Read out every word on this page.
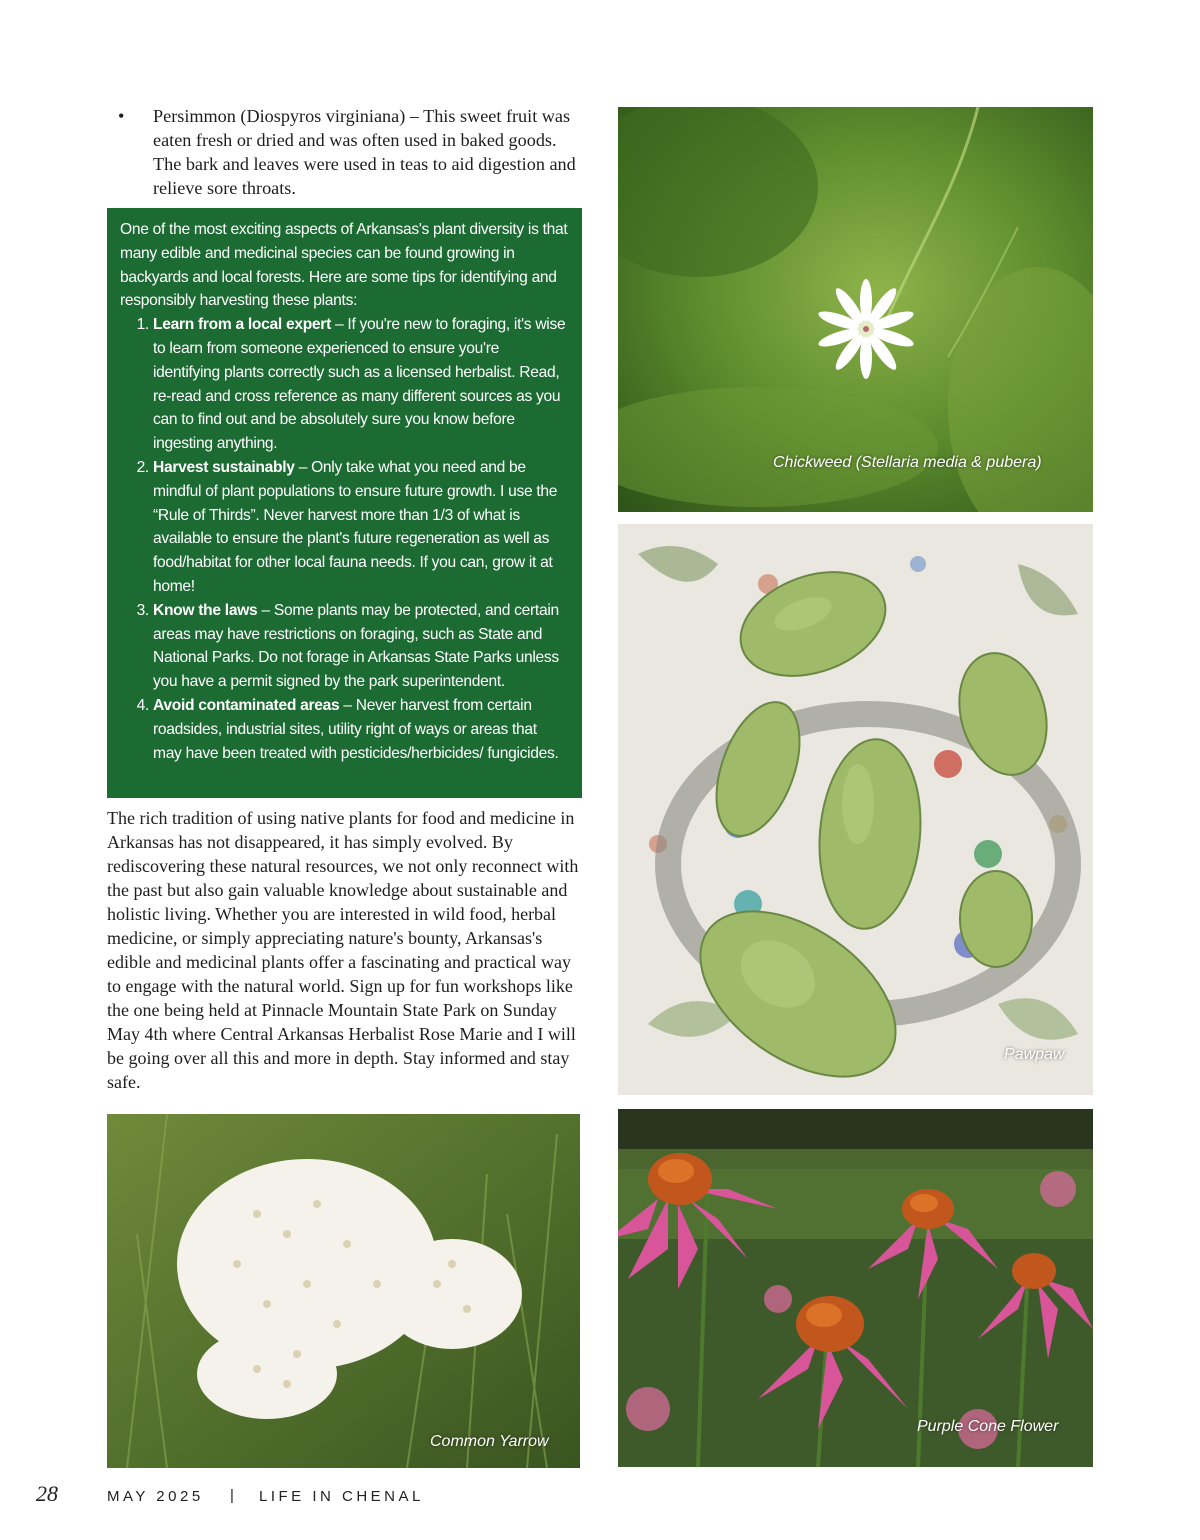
• Persimmon (Diospyros virginiana) – This sweet fruit was eaten fresh or dried and was often used in baked goods. The bark and leaves were used in teas to aid digestion and relieve sore throats.

One of the most exciting aspects of Arkansas's plant diversity is that many edible and medicinal species can be found growing in backyards and local forests. Here are some tips for identifying and responsibly harvesting these plants:

1. Learn from a local expert – If you're new to foraging, it's wise to learn from someone experienced to ensure you're identifying plants correctly such as a licensed herbalist. Read, re-read and cross reference as many different sources as you can to find out and be absolutely sure you know before ingesting anything.
2. Harvest sustainably – Only take what you need and be mindful of plant populations to ensure future growth. I use the “Rule of Thirds”. Never harvest more than 1/3 of what is available to ensure the plant's future regeneration as well as food/habitat for other local fauna needs. If you can, grow it at home!
3. Know the laws – Some plants may be protected, and certain areas may have restrictions on foraging, such as State and National Parks. Do not forage in Arkansas State Parks unless you have a permit signed by the park superintendent.
4. Avoid contaminated areas – Never harvest from certain roadsides, industrial sites, utility right of ways or areas that may have been treated with pesticides/herbicides/ fungicides.

The rich tradition of using native plants for food and medicine in Arkansas has not disappeared, it has simply evolved. By rediscovering these natural resources, we not only reconnect with the past but also gain valuable knowledge about sustainable and holistic living. Whether you are interested in wild food, herbal medicine, or simply appreciating nature's bounty, Arkansas's edible and medicinal plants offer a fascinating and practical way to engage with the natural world. Sign up for fun workshops like the one being held at Pinnacle Mountain State Park on Sunday May 4th where Central Arkansas Herbalist Rose Marie and I will be going over all this and more in depth. Stay informed and stay safe.

Chickweed (Stellaria media & pubera)
Pawpaw
Common Yarrow
Purple Cone Flower
28	MAY 2025 | LIFE IN CHENAL
